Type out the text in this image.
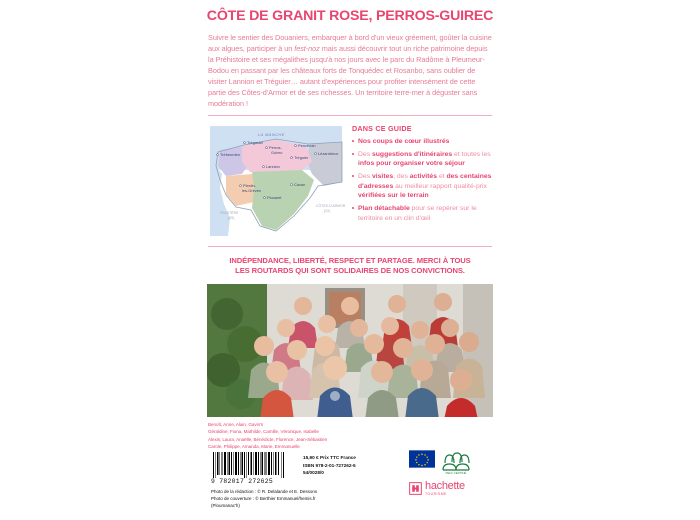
CÔTE DE GRANIT ROSE, PERROS-GUIREC
Suivre le sentier des Douaniers, embarquer à bord d'un vieux gréement, goûter la cuisine aux algues, participer à un fest-noz mais aussi découvrir tout un riche patrimoine depuis la Préhistoire et ses mégalithes jusqu'à nos jours avec le parc du Radôme à Pleumeur-Bodou en passant par les châteaux forts de Tonquédec et Rosanbo, sans oublier de visiter Lannion et Tréguier… autant d'expériences pour profiter intensément de cette partie des Côtes-d'Armor et de ses richesses. Un territoire terre-mer à déguster sans modération !
LA MANCHE
Trégastel
Trébeurden
Perros-
Guirec
Penvénan
Tréguier
Lézardrieux
Lannion
Plestin-
les-Grèves
Plouaret
Cavan
CÔTES-D'ARMOR
(22)
FINISTÈRE
(29)
DANS CE GUIDE
Nos coups de cœur illustrés
Des suggestions d'itinéraires et toutes les infos pour organiser votre séjour
Des visites, des activités et des centaines d'adresses au meilleur rapport qualité-prix vérifiées sur le terrain
Plan détachable pour se repérer sur le territoire en un clin d'œil
INDÉPENDANCE, LIBERTÉ, RESPECT ET PARTAGE. MERCI À TOUS
LES ROUTARDS QUI SONT SOLIDAIRES DE NOS CONVICTIONS.
Benoît, Anne, Alain, Gavin's
Géraldine, Fiona, Mathilde, Camille, Véronique, Isabelle
Alexis, Laura, Anaëlle, Bénédicte, Florence, Jean-Sébastien
Carole, Philippe, Amanda, Marie, Emmanuelle
9 782017 272625
Photo de la rédaction : © R. Delalande et E. Dessons
Photo de couverture : © Berthier Emmanuel/hemis.fr
(Ploumanac'h)
15,90 € Prix TTC France
ISBN 978-2-01-727262-5
54/0028/0	PEFC CERTIFIÉ
hachette
TOURISME
